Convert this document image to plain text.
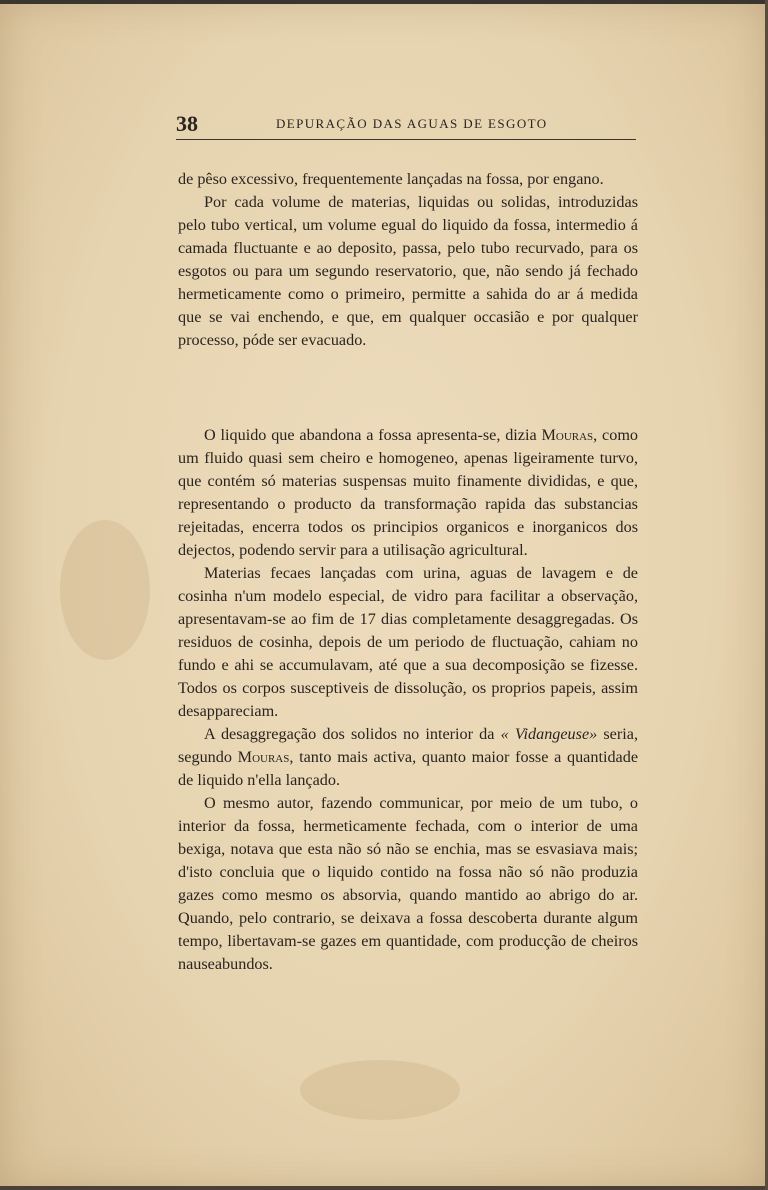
38	DEPURAÇÃO DAS AGUAS DE ESGOTO

de pêso excessivo, frequentemente lançadas na fossa, por engano.

Por cada volume de materias, liquidas ou solidas, introduzidas pelo tubo vertical, um volume egual do liquido da fossa, intermedio á camada fluctuante e ao deposito, passa, pelo tubo recurvado, para os esgotos ou para um segundo reservatorio, que, não sendo já fechado hermeticamente como o primeiro, permitte a sahida do ar á medida que se vai enchendo, e que, em qualquer occasião e por qualquer processo, póde ser evacuado.

O liquido que abandona a fossa apresenta-se, dizia Mouras, como um fluido quasi sem cheiro e homogeneo, apenas ligeiramente turvo, que contém só materias suspensas muito finamente divididas, e que, representando o producto da transformação rapida das substancias rejeitadas, encerra todos os principios organicos e inorganicos dos dejectos, podendo servir para a utilisação agricultural.

Materias fecaes lançadas com urina, aguas de lavagem e de cosinha n'um modelo especial, de vidro para facilitar a observação, apresentavam-se ao fim de 17 dias completamente desaggregadas. Os residuos de cosinha, depois de um periodo de fluctuação, cahiam no fundo e ahi se accumulavam, até que a sua decomposição se fizesse. Todos os corpos susceptiveis de dissolução, os proprios papeis, assim desappareciam.

A desaggregação dos solidos no interior da « Vidangeuse» seria, segundo Mouras, tanto mais activa, quanto maior fosse a quantidade de liquido n'ella lançado.

O mesmo autor, fazendo communicar, por meio de um tubo, o interior da fossa, hermeticamente fechada, com o interior de uma bexiga, notava que esta não só não se enchia, mas se esvasiava mais; d'isto concluia que o liquido contido na fossa não só não produzia gazes como mesmo os absorvia, quando mantido ao abrigo do ar. Quando, pelo contrario, se deixava a fossa descoberta durante algum tempo, libertavam-se gazes em quantidade, com producção de cheiros nauseabundos.
